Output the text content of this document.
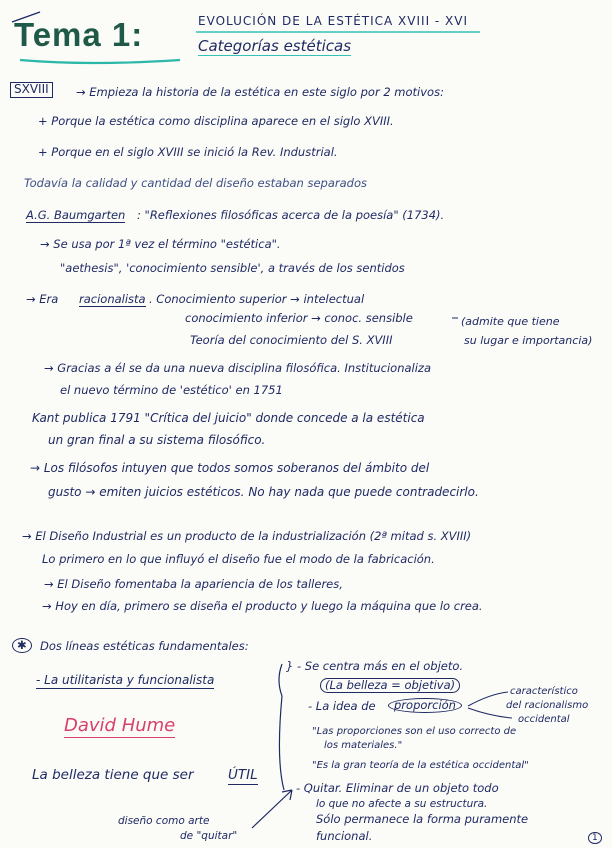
Tema 1:	EVOLUCIÓN DE LA ESTÉTICA XVIII - XVI
Categorías estéticas
SXVIII	→ Empieza la historia de la estética en este siglo por 2 motivos:
+ Porque la estética como disciplina aparece en el siglo XVIII.
+ Porque en el siglo XVIII se inició la Rev. Industrial.
Todavía la calidad y cantidad del diseño estaban separados
A.G. Baumgarten : "Reflexiones filosóficas acerca de la poesía" (1734).
→ Se usa por 1ª vez el término "estética".
"aethesis", 'conocimiento sensible', a través de los sentidos
→ Era racionalista . Conocimiento superior → intelectual
conocimiento inferior → conoc. sensible	(admite que tiene
su lugar e importancia)
Teoría del conocimiento del S. XVIII
→ Gracias a él se da una nueva disciplina filosófica. Institucionaliza
el nuevo término de 'estético' en 1751
Kant publica 1791 "Crítica del juicio" donde concede a la estética
un gran final a su sistema filosófico.
→ Los filósofos intuyen que todos somos soberanos del ámbito del
gusto → emiten juicios estéticos. No hay nada que puede contradecirlo.
→ El Diseño Industrial es un producto de la industrialización (2ª mitad s. XVIII)
Lo primero en lo que influyó el diseño fue el modo de la fabricación.
→ El Diseño fomentaba la apariencia de los talleres,
→ Hoy en día, primero se diseña el producto y luego la máquina que lo crea.
✱	Dos líneas estéticas fundamentales:
- La utilitarista y funcionalista
} - Se centra más en el objeto.
(La belleza = objetiva)
- La idea de	proporción
característico
del racionalismo
occidental
"Las proporciones son el uso correcto de
los materiales."
"Es la gran teoría de la estética occidental"
David Hume
La belleza tiene que ser	ÚTIL
- Quitar. Eliminar de un objeto todo
lo que no afecte a su estructura.
Sólo permanece la forma puramente
funcional.
diseño como arte
de "quitar"	1
